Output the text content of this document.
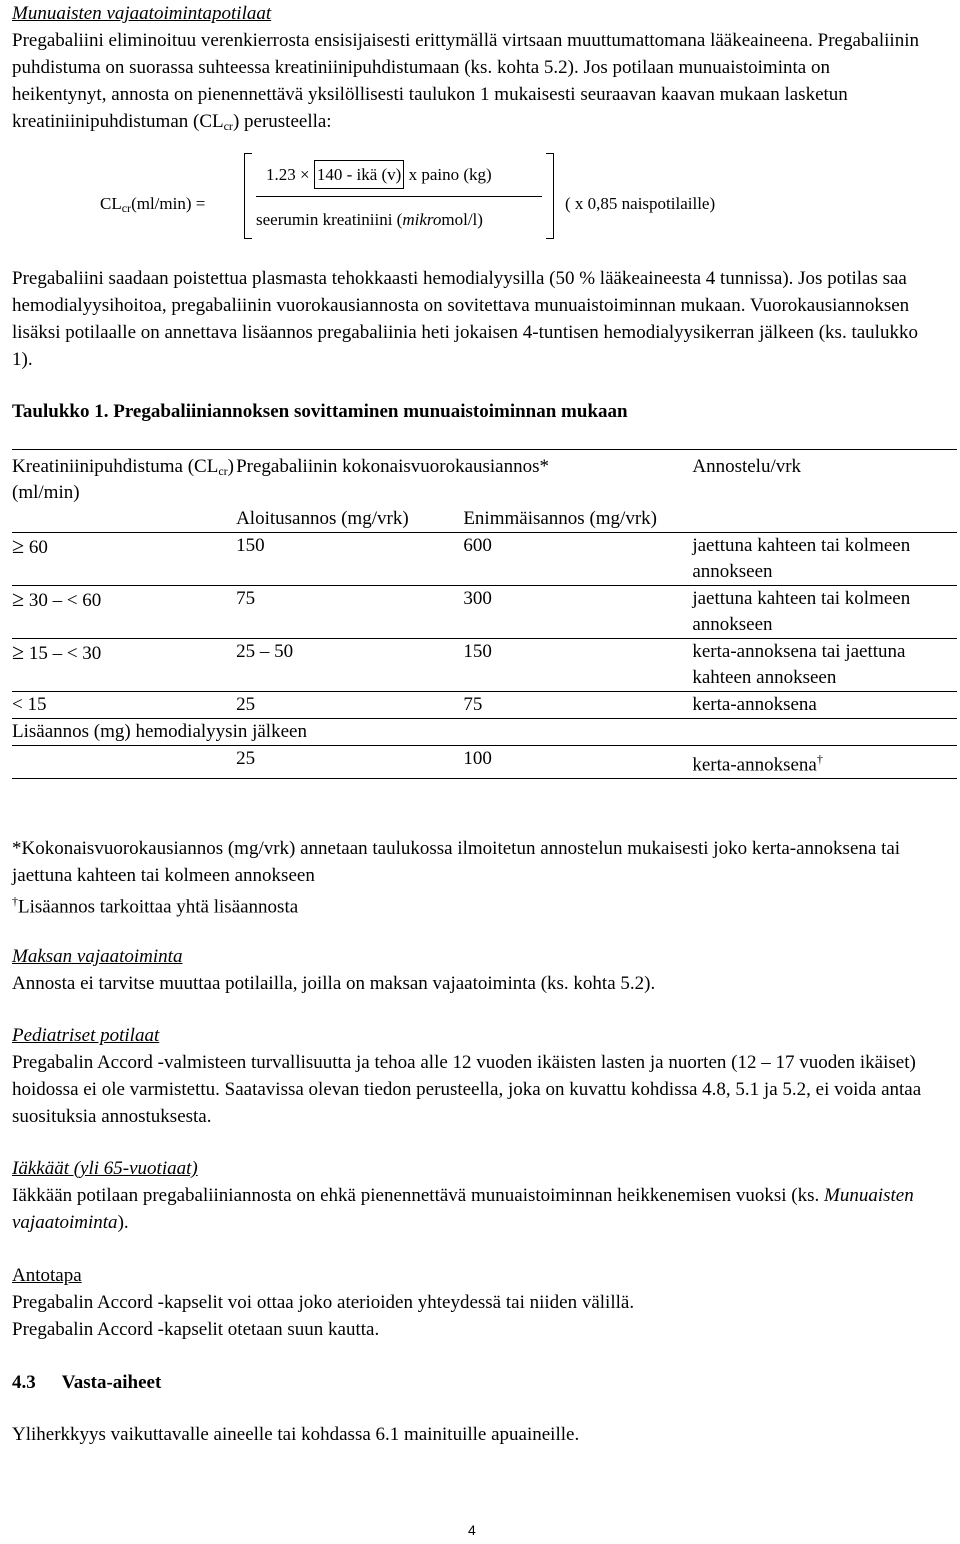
Munuaisten vajaatoimintapotilaat

Pregabaliini eliminoituu verenkierrosta ensisijaisesti erittymällä virtsaan muuttumattomana lääkeaineena. Pregabaliinin puhdistuma on suorassa suhteessa kreatiniinipuhdistumaan (ks. kohta 5.2). Jos potilaan munuaistoiminta on heikentynyt, annosta on pienennettävä yksilöllisesti taulukon 1 mukaisesti seuraavan kaavan mukaan lasketun kreatiniinipuhdistuman $(CL_{cr})$ perusteella:

$CL_{cr}(ml/\min)$ =
1.23 × 140 - ikä (v) x paino (kg)
seerumin kreatiniini (mikromol/l)
( x 0,85 naispotilaille)

Pregabaliini saadaan poistettua plasmasta tehokkaasti hemodialyysilla (50 % lääkeaineesta 4 tunnissa). Jos potilas saa hemodialyysihoitoa, pregabaliinin vuorokausiannosta on sovitettava munuaistoiminnan mukaan. Vuorokausiannoksen lisäksi potilaalle on annettava lisäannos pregabaliinia heti jokaisen 4-tuntisen hemodialyysikerran jälkeen (ks. taulukko 1).

Taulukko 1. Pregabaliiniannoksen sovittaminen munuaistoiminnan mukaan

Kreatiniinipuhdistuma $(CL_{cr})$ (ml/min)	Pregabaliinin kokonaisvuorokausiannos*		Annostelu/vrk
	Aloitusannos (mg/vrk)	Enimmäisannos (mg/vrk)	
≥ 60	150	600	jaettuna kahteen tai kolmeen annokseen
≥ 30 – < 60	75	300	jaettuna kahteen tai kolmeen annokseen
≥ 15 – < 30	25 – 50	150	kerta-annoksena tai jaettuna kahteen annokseen
< 15	25	75	kerta-annoksena
Lisäannos (mg) hemodialyysin jälkeen			
	25	100	kerta-annoksena†

*Kokonaisvuorokausiannos (mg/vrk) annetaan taulukossa ilmoitetun annostelun mukaisesti joko kerta-annoksena tai jaettuna kahteen tai kolmeen annokseen

†Lisäannos tarkoittaa yhtä lisäannosta

Maksan vajaatoiminta

Annosta ei tarvitse muuttaa potilailla, joilla on maksan vajaatoiminta (ks. kohta 5.2).

Pediatriset potilaat

Pregabalin Accord -valmisteen turvallisuutta ja tehoa alle 12 vuoden ikäisten lasten ja nuorten (12 – 17 vuoden ikäiset) hoidossa ei ole varmistettu. Saatavissa olevan tiedon perusteella, joka on kuvattu kohdissa 4.8, 5.1 ja 5.2, ei voida antaa suosituksia annostuksesta.

Iäkkäät (yli 65-vuotiaat)

Iäkkään potilaan pregabaliiniannosta on ehkä pienennettävä munuaistoiminnan heikkenemisen vuoksi (ks. Munuaisten vajaatoiminta).

Antotapa

Pregabalin Accord -kapselit voi ottaa joko aterioiden yhteydessä tai niiden välillä.

Pregabalin Accord -kapselit otetaan suun kautta.

4.3 Vasta-aiheet

Yliherkkyys vaikuttavalle aineelle tai kohdassa 6.1 mainituille apuaineille.

4
